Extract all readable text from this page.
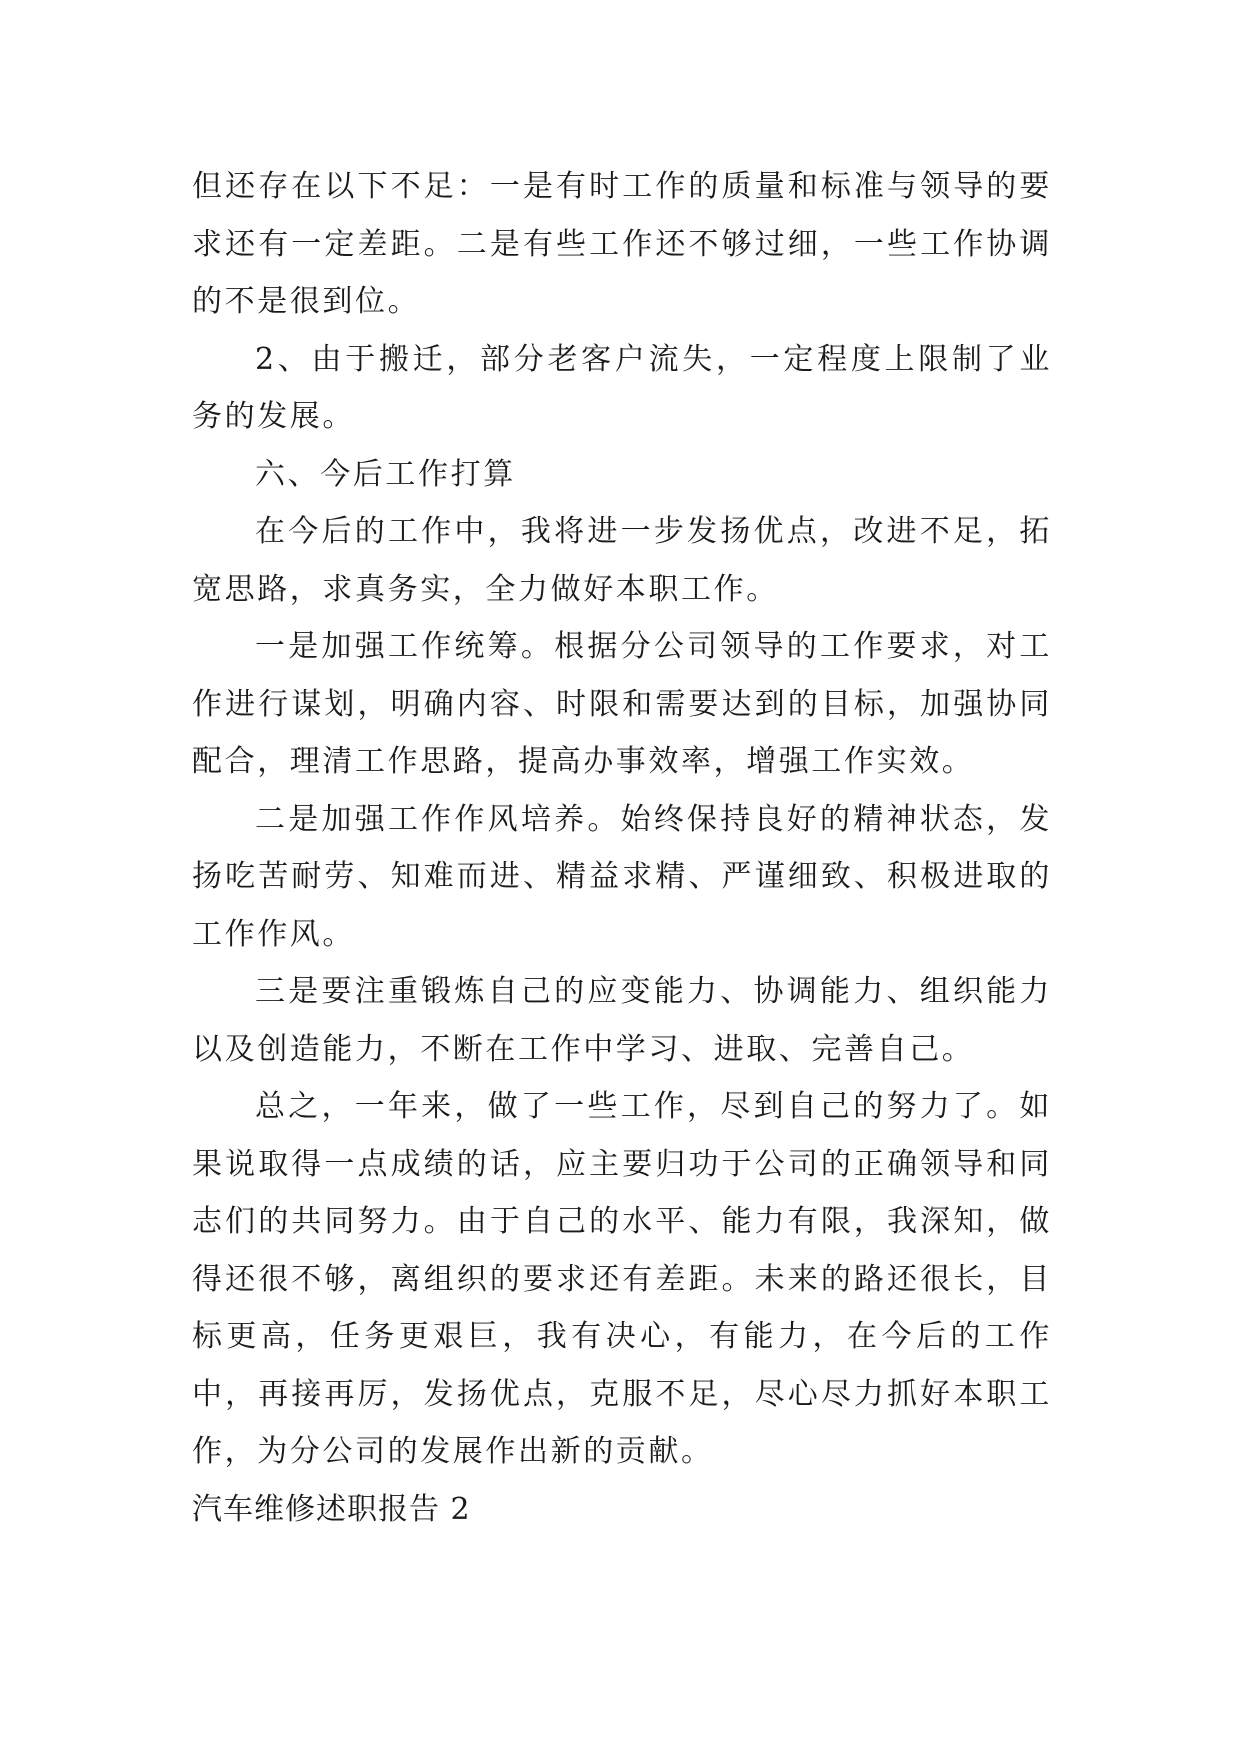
但还存在以下不足：一是有时工作的质量和标准与领导的要求还有一定差距。二是有些工作还不够过细，一些工作协调的不是很到位。

2、由于搬迁，部分老客户流失，一定程度上限制了业务的发展。

六、今后工作打算

在今后的工作中，我将进一步发扬优点，改进不足，拓宽思路，求真务实，全力做好本职工作。

一是加强工作统筹。根据分公司领导的工作要求，对工作进行谋划，明确内容、时限和需要达到的目标，加强协同配合，理清工作思路，提高办事效率，增强工作实效。

二是加强工作作风培养。始终保持良好的精神状态，发扬吃苦耐劳、知难而进、精益求精、严谨细致、积极进取的工作作风。

三是要注重锻炼自己的应变能力、协调能力、组织能力以及创造能力，不断在工作中学习、进取、完善自己。

总之，一年来，做了一些工作，尽到自己的努力了。如果说取得一点成绩的话，应主要归功于公司的正确领导和同志们的共同努力。由于自己的水平、能力有限，我深知，做得还很不够，离组织的要求还有差距。未来的路还很长，目标更高，任务更艰巨，我有决心，有能力，在今后的工作中，再接再厉，发扬优点，克服不足，尽心尽力抓好本职工作，为分公司的发展作出新的贡献。

汽车维修述职报告 2
